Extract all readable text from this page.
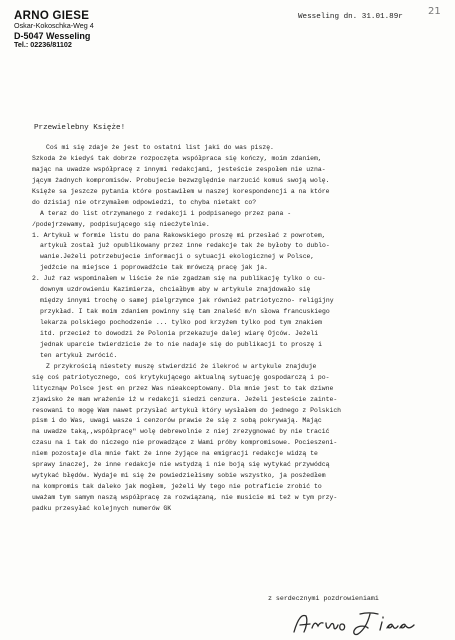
ARNO GIESE

Oskar-Kokoschka-Weg 4

D-5047 Wesseling

Tel.: 02236/81102

Wesseling dn. 31.01.89r	21
Przewielebny Księże!
Coś mi się zdaje że jest to ostatni list jaki do was piszę.
Szkoda że kiedyś tak dobrze rozpoczęta współpraca się kończy, moim zdaniem,
mając na uwadze współpracę z innymi redakcjami, jesteście zespołem nie uzna-
jącym żadnych kompromisów. Probujecie bezwzględnie narzucić komuś swoją wolę.
Księże sa jeszcze pytania które postawiłem w naszej korespondencji a na które
do dzisiaj nie otrzymałem odpowiedzi, to chyba nietakt co?
A teraz do list otrzymanego z redakcji i podpisanego przez pana -
/podejrzewamy, podpisującego się niecżytelnie.
1. Artykuł w formie listu do pana Rakowskiego proszę mi przesłać z powrotem,
artykuł został już opublikowany przez inne redakcje tak że byłoby to dublo-
wanie.Jeżeli potrzebujecie informacji o sytuacji ekologicznej w Polsce,
jedźcie na miejsce i poprowadźcie tak mrówczą pracę jak ja.
2. Już raz wspominałem w liście że nie zgadzam się na publikację tylko o cu-
downym uzdrowieniu Kazimierza, chciałbym aby w artykule znajdowało się
między innymi trochę o samej pielgrzymce jak również patriotyczno- religijny
przykład. I tak moim zdaniem powinny się tam znaleść m/n słowa francuskiego
lekarza polskiego pochodzenie ... tylko pod krzyżem tylko pod tym znakiem
itd. przecież to dowodzi że Polonia przekazuje dalej wiarę Ojców. Jeżeli
jednak uparcie twierdzicie że to nie nadaje się do publikacji to proszę i
ten artykuł zwrócić.
Z przykrością niestety muszę stwierdzić że ilekroć w artykule znajduje
się coś patriotycznego, coś krytykującego aktualną sytuację gospodarczą i po-
litycznąw Polsce jest en przez Was nieakceptowany. Dla mnie jest to tak dziwne
zjawisko że mam wrażenie iż w redakcji siedzi cenzura. Jeżeli jesteście zainte-
resowani to mogę Wam nawet przysłać artykuł który wysłałem do jednego z Polskich
pism i do Was, uwagi wasze i cenzorów prawie że się z sobą pokrywają. Mając
na uwadze taką,,współpracę" wolę debrewolnie z niej zrezygnować by nie tracić
czasu na i tak do niczego nie prowadzące z Wami próby kompromisowe. Pocieszeni-
niem pozostaje dla mnie fakt że inne żyjące na emigracji redakcje widzą te
sprawy inaczej, że inne redakcje nie wstydzą i nie boją się wytykać przywódcą
wytykać błędów. Wydaje mi się że powiedziełismy sobie wszystko, ja posżedłem
na kompromis tak daleko jak mogłem, jeżeli Wy tego nie potraficie zrobić to
uważam tym samym naszą współpracę za rozwiązaną, nie musicie mi też w tym przy-
padku przesyłać kolejnych numerów GK
z serdecznymi pozdrowieniami
